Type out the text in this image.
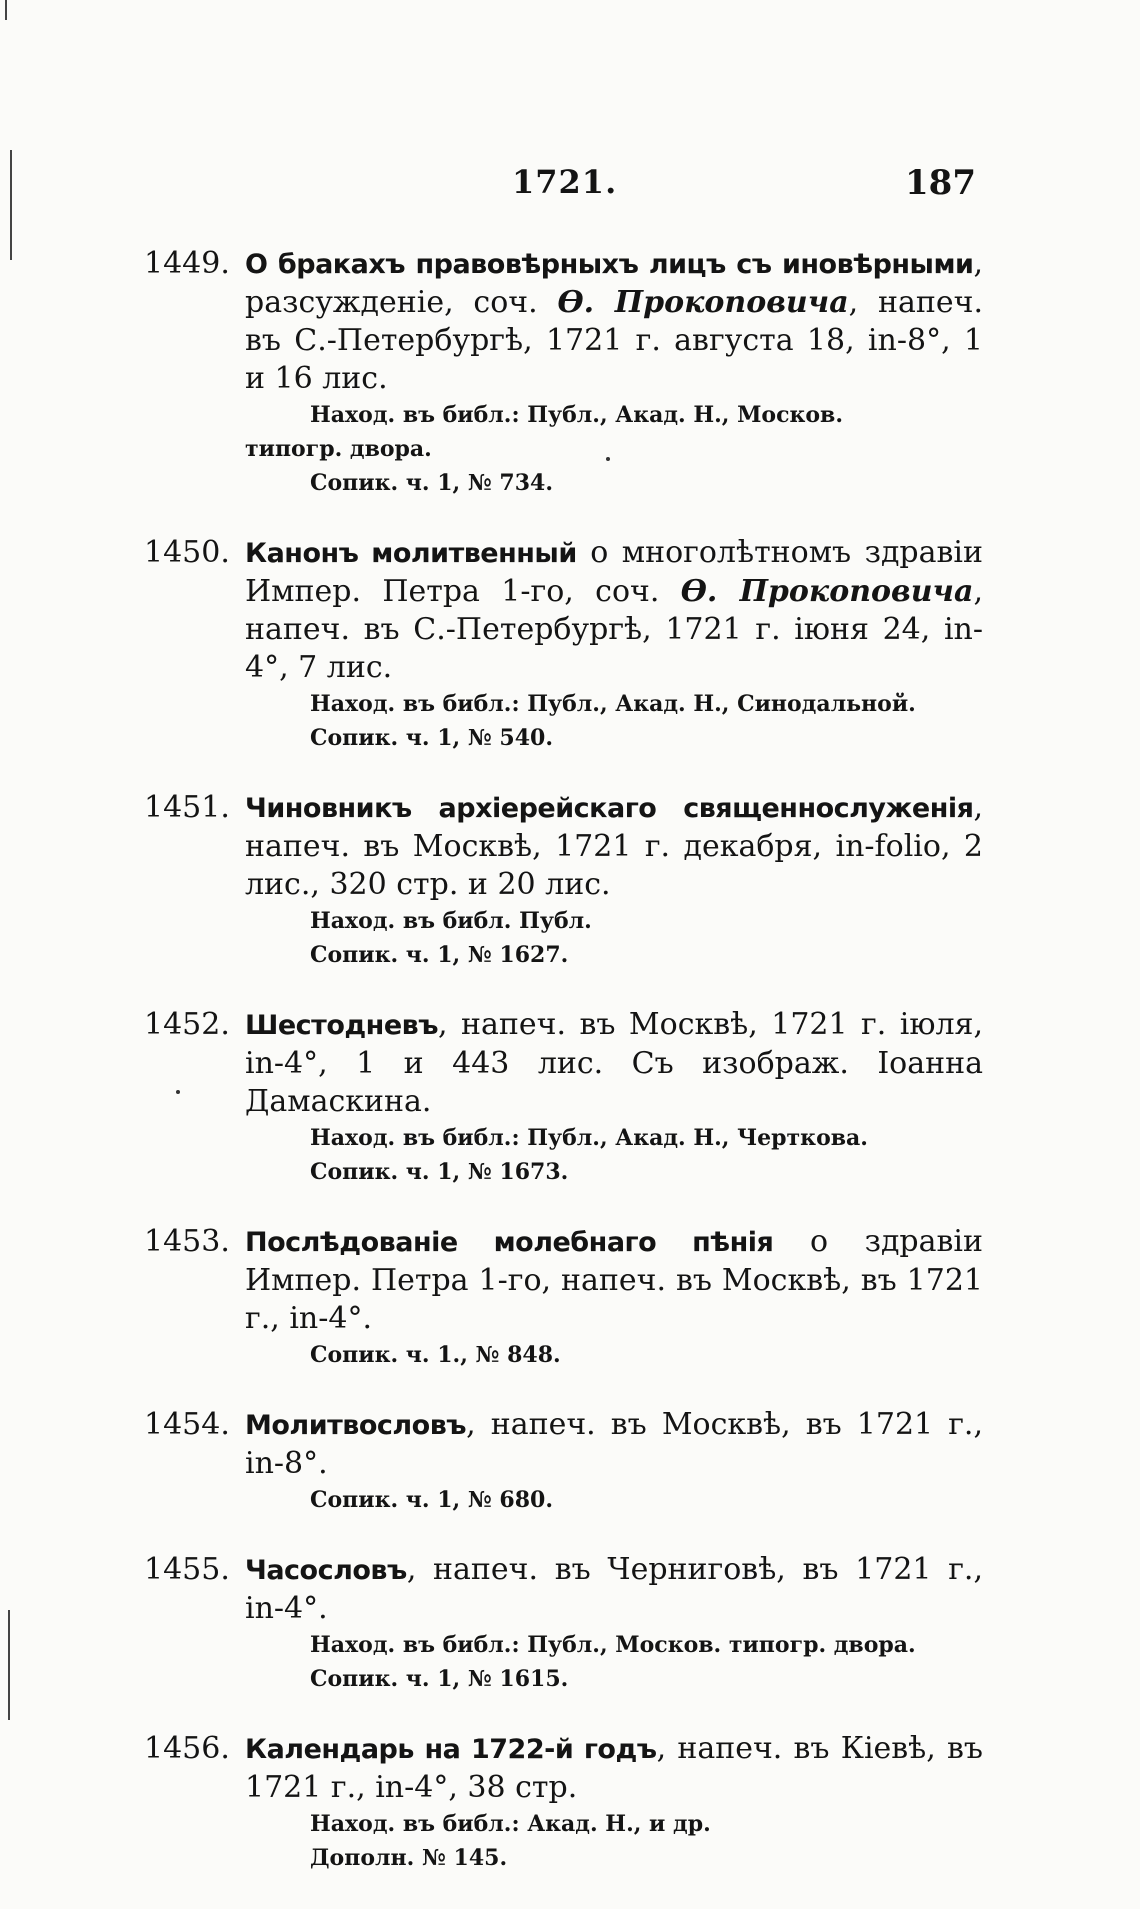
1721.	187
1449. О бракахъ правовѣрныхъ лицъ съ иновѣрными, разсужденіе, соч. Ө. Прокоповича, напеч. въ С.-Петербургѣ, 1721 г. августа 18, in-8°, 1 и 16 лис.
Наход. въ библ.: Публ., Акад. Н., Москов. типогр. двора.
Сопик. ч. 1, № 734.
1450. Канонъ молитвенный о многолѣтномъ здравіи Импер. Петра 1-го, соч. Ө. Прокоповича, напеч. въ С.-Петербургѣ, 1721 г. іюня 24, in-4°, 7 лис.
Наход. въ библ.: Публ., Акад. Н., Синодальной.
Сопик. ч. 1, № 540.
1451. Чиновникъ архіерейскаго священнослуженія, напеч. въ Москвѣ, 1721 г. декабря, in-folio, 2 лис., 320 стр. и 20 лис.
Наход. въ библ. Публ.
Сопик. ч. 1, № 1627.
1452. Шестодневъ, напеч. въ Москвѣ, 1721 г. іюля, in-4°, 1 и 443 лис. Съ изображ. Іоанна Дамаскина.
Наход. въ библ.: Публ., Акад. Н., Черткова.
Сопик. ч. 1, № 1673.
1453. Послѣдованіе молебнаго пѣнія о здравіи Импер. Петра 1-го, напеч. въ Москвѣ, въ 1721 г., in-4°.
Сопик. ч. 1., № 848.
1454. Молитвословъ, напеч. въ Москвѣ, въ 1721 г., in-8°.
Сопик. ч. 1, № 680.
1455. Часословъ, напеч. въ Черниговѣ, въ 1721 г., in-4°.
Наход. въ библ.: Публ., Москов. типогр. двора.
Сопик. ч. 1, № 1615.
1456. Календарь на 1722-й годъ, напеч. въ Кіевѣ, въ 1721 г., in-4°, 38 стр.
Наход. въ библ.: Акад. Н., и др.
Дополн. № 145.
